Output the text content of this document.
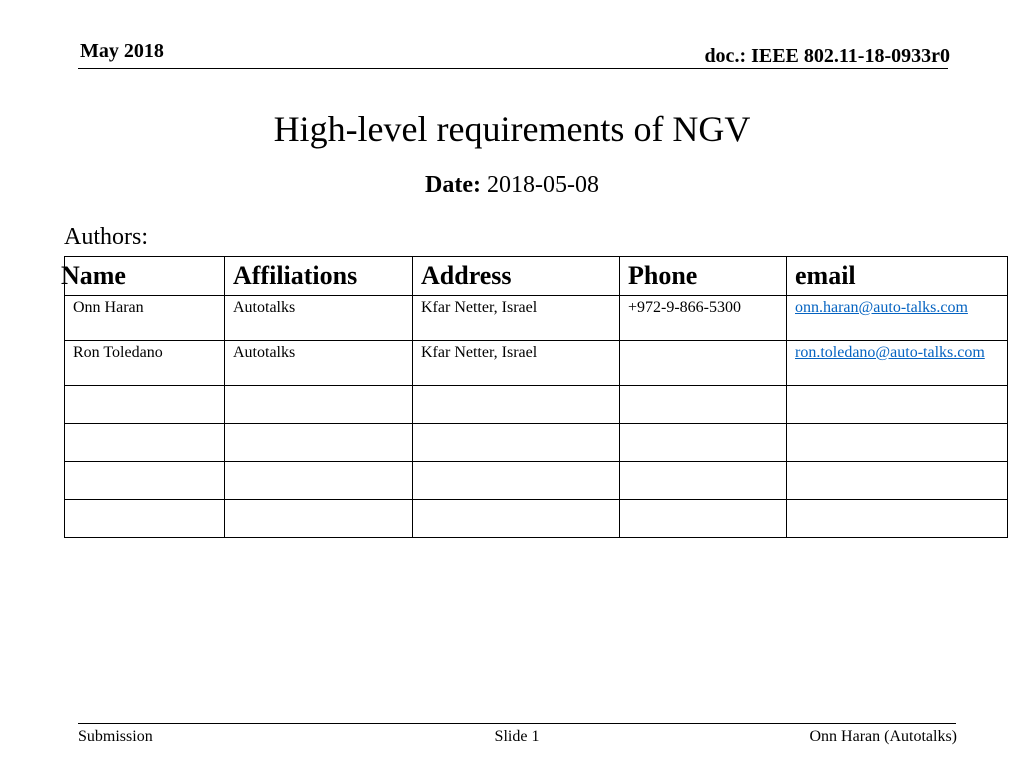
May 2018	doc.: IEEE 802.11-18-0933r0
High-level requirements of NGV
Date: 2018-05-08
Authors:
Name	Affiliations	Address	Phone	email
Onn Haran	Autotalks	Kfar Netter, Israel	+972-9-866-5300	onn.haran@auto-talks.com
Ron Toledano	Autotalks	Kfar Netter, Israel		ron.toledano@auto-talks.com

Submission	Slide 1	Onn Haran (Autotalks)
